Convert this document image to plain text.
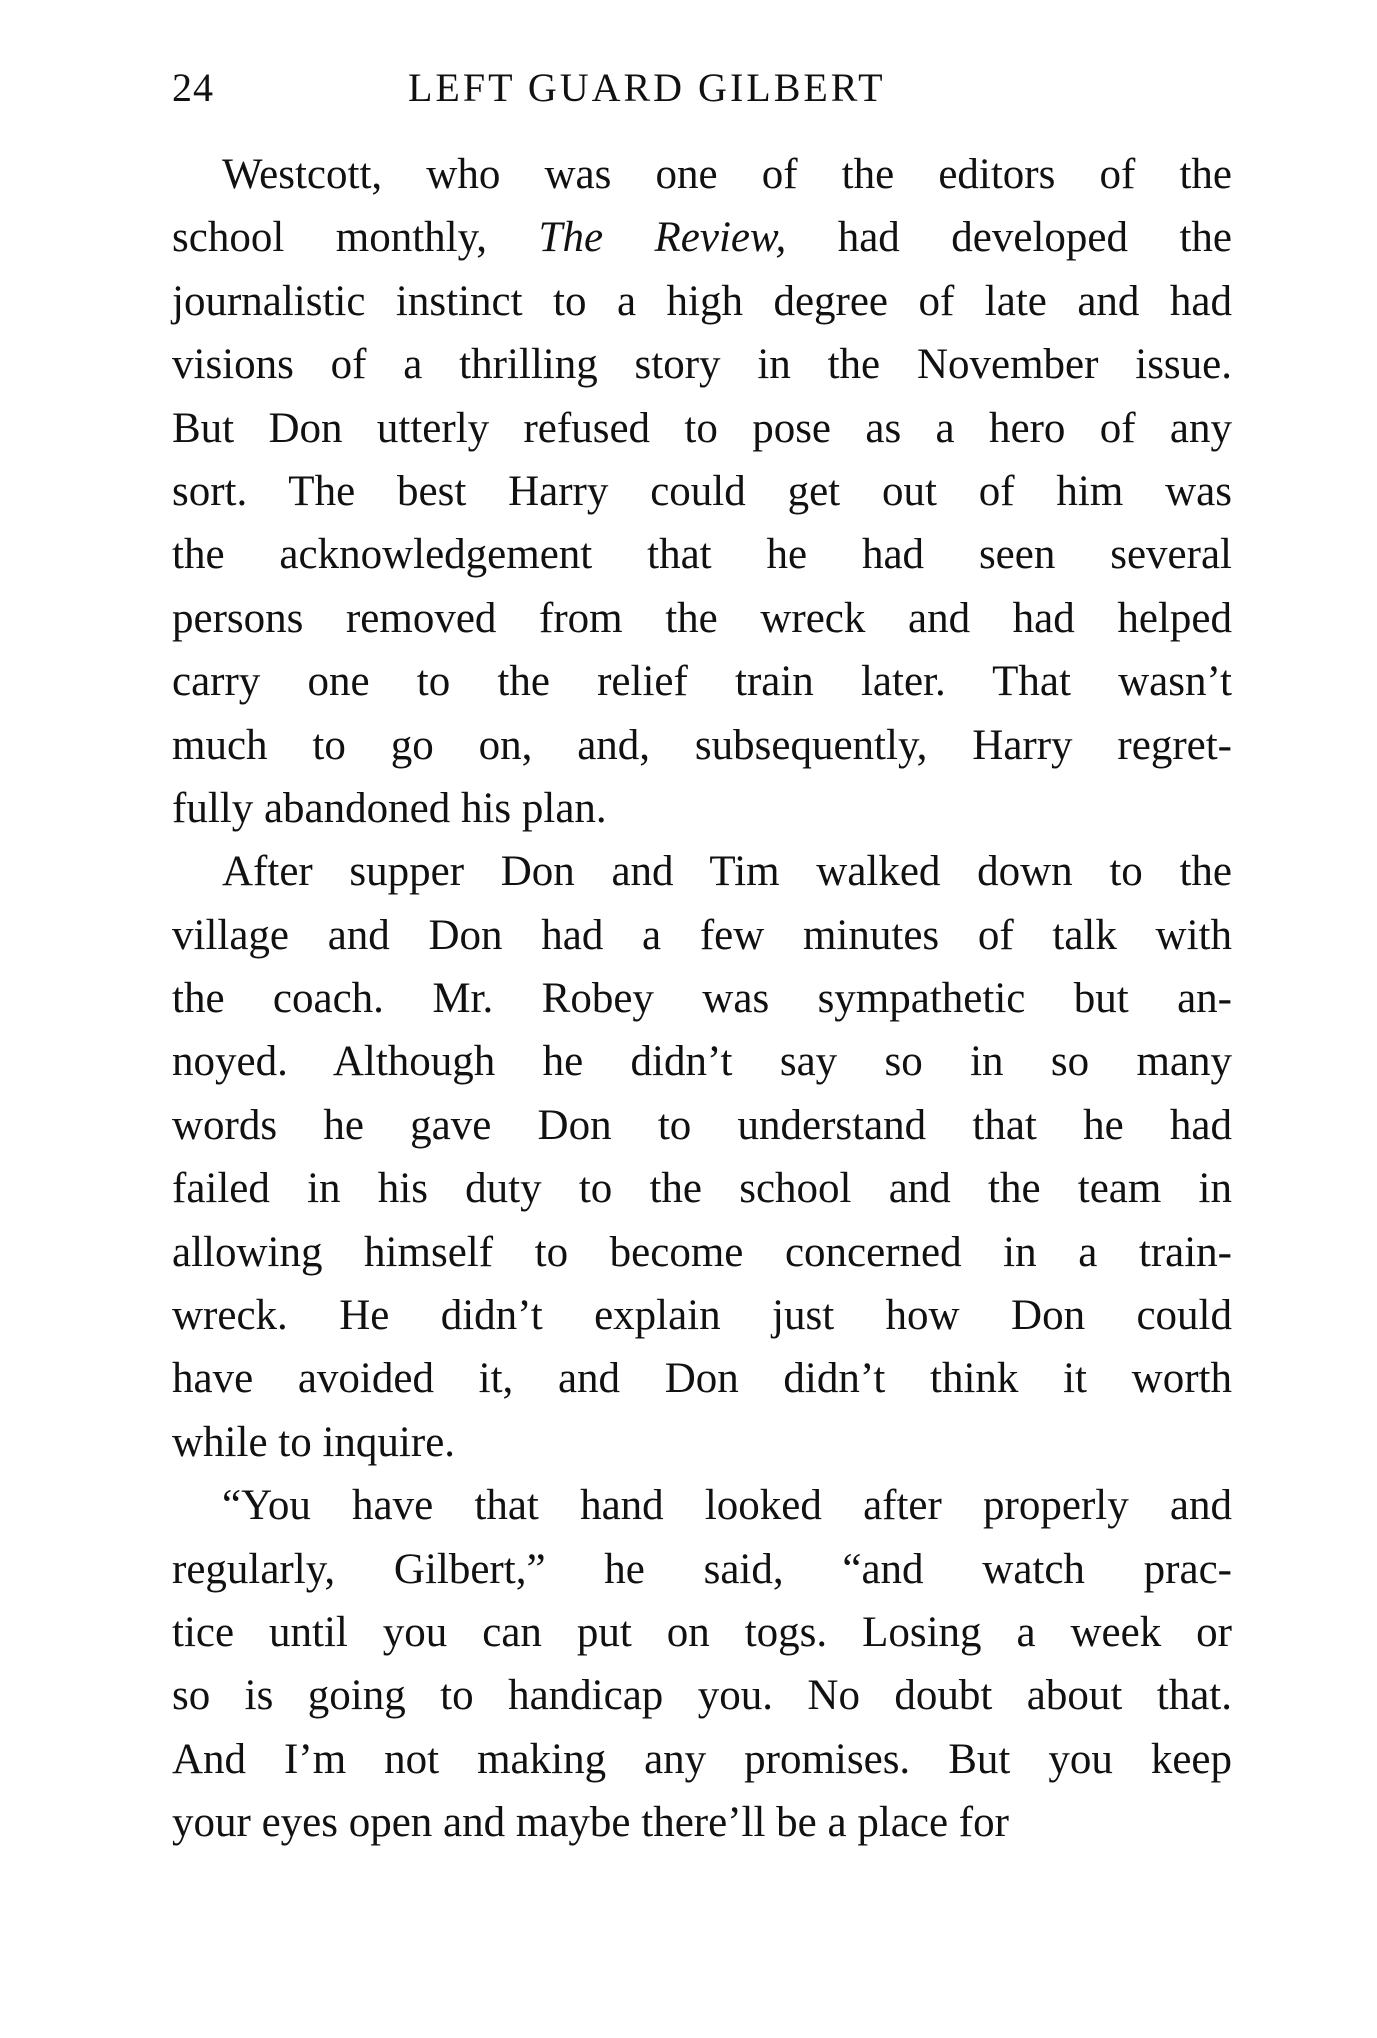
24	LEFT GUARD GILBERT
Westcott, who was one of the editors of the
school monthly, The Review, had developed the
journalistic instinct to a high degree of late and had
visions of a thrilling story in the November issue.
But Don utterly refused to pose as a hero of any
sort. The best Harry could get out of him was
the acknowledgement that he had seen several
persons removed from the wreck and had helped
carry one to the relief train later. That wasn’t
much to go on, and, subsequently, Harry regret-
fully abandoned his plan.
After supper Don and Tim walked down to the
village and Don had a few minutes of talk with
the coach. Mr. Robey was sympathetic but an-
noyed. Although he didn’t say so in so many
words he gave Don to understand that he had
failed in his duty to the school and the team in
allowing himself to become concerned in a train-
wreck. He didn’t explain just how Don could
have avoided it, and Don didn’t think it worth
while to inquire.
“You have that hand looked after properly and
regularly, Gilbert,” he said, “and watch prac-
tice until you can put on togs. Losing a week or
so is going to handicap you. No doubt about that.
And I’m not making any promises. But you keep
your eyes open and maybe there’ll be a place for
